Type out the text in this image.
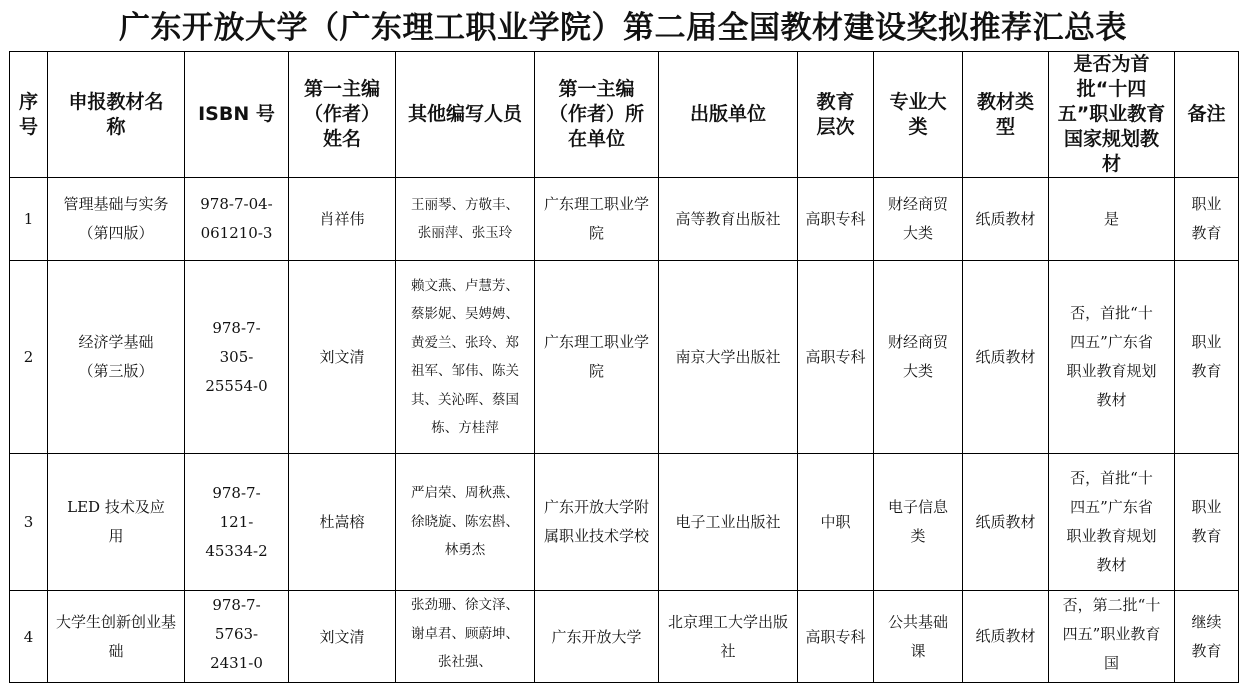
广东开放大学（广东理工职业学院）第二届全国教材建设奖拟推荐汇总表
序号	申报教材名称	ISBN 号	第一主编（作者）姓名	其他编写人员	第一主编（作者）所在单位	出版单位	教育层次	专业大类	教材类型	是否为首批“十四五”职业教育国家规划教材	备注
1	管理基础与实务（第四版）	978-7-04-061210-3	肖祥伟	王丽琴、方敬丰、张丽萍、张玉玲	广东理工职业学院	高等教育出版社	高职专科	财经商贸大类	纸质教材	是	职业教育
2	经济学基础（第三版）	978-7-305-25554-0	刘文清	赖文燕、卢慧芳、蔡影妮、吴娉娉、黄爱兰、张玲、郑祖军、邹伟、陈关其、关沁晖、蔡国栋、方桂萍	广东理工职业学院	南京大学出版社	高职专科	财经商贸大类	纸质教材	否，首批“十四五”广东省职业教育规划教材	职业教育
3	LED 技术及应用	978-7-121-45334-2	杜嵩榕	严启荣、周秋燕、徐晓旋、陈宏斟、林勇杰	广东开放大学附属职业技术学校	电子工业出版社	中职	电子信息类	纸质教材	否，首批“十四五”广东省职业教育规划教材	职业教育
4	大学生创新创业基础	978-7-5763-2431-0	刘文清	张劲珊、徐文泽、谢卓君、顾蔚坤、张社强、	广东开放大学	北京理工大学出版社	高职专科	公共基础课	纸质教材	否，第二批“十四五”职业教育国	继续教育
